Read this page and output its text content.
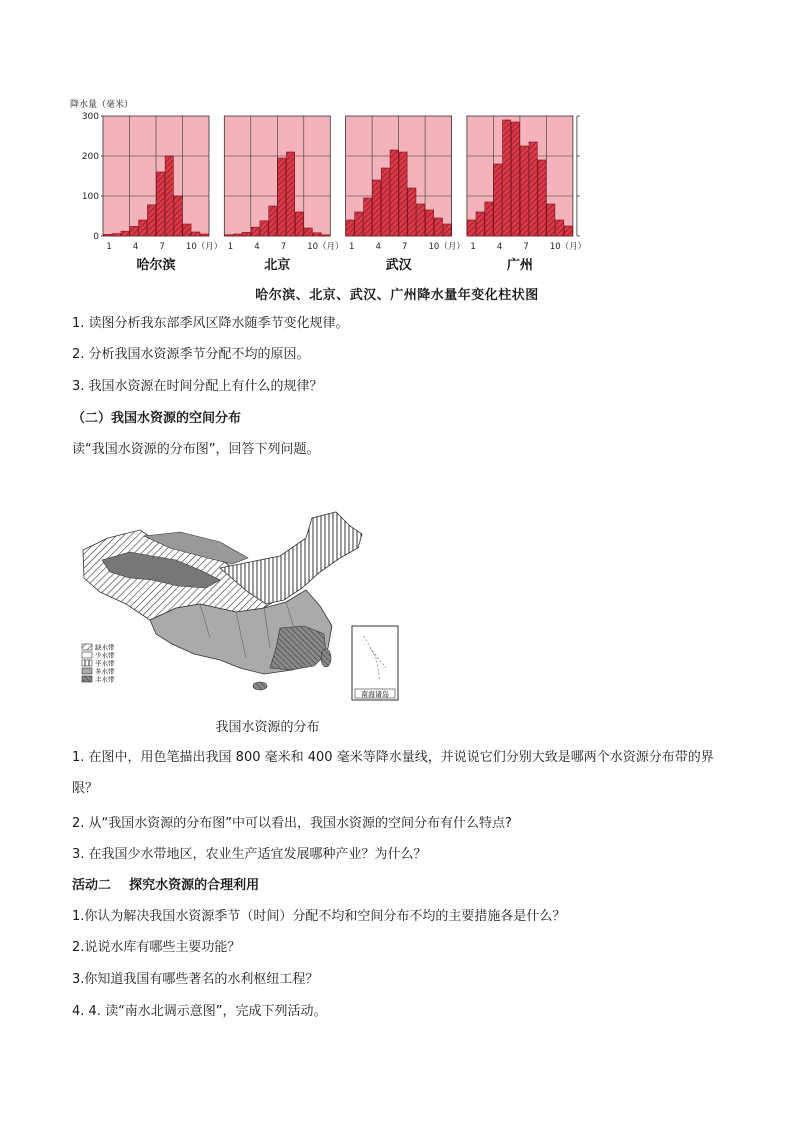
降水量（毫米）
0
100
200
300
1 4 7 10（月）
哈尔滨
1 4 7 10（月）
北京
1 4 7 10（月）
武汉
1 4 7 10（月）
广州
哈尔滨、北京、武汉、广州降水量年变化柱状图
1. 读图分析我东部季风区降水随季节变化规律。
2. 分析我国水资源季节分配不均的原因。
3. 我国水资源在时间分配上有什么的规律？
（二）我国水资源的空间分布
读“我国水资源的分布图”，回答下列问题。
南海诸岛
缺水带
少水带
平水带
多水带
丰水带
我国水资源的分布
1. 在图中，用色笔描出我国 800 毫米和 400 毫米等降水量线，并说说它们分别大致是哪两个水资源分布带的界限？
2. 从“我国水资源的分布图”中可以看出，我国水资源的空间分布有什么特点?
3. 在我国少水带地区，农业生产适宜发展哪种产业？为什么？
活动二    探究水资源的合理利用
1.你认为解决我国水资源季节（时间）分配不均和空间分布不均的主要措施各是什么？
2.说说水库有哪些主要功能？
3.你知道我国有哪些著名的水利枢纽工程？
4. 4. 读“南水北调示意图”，完成下列活动。
